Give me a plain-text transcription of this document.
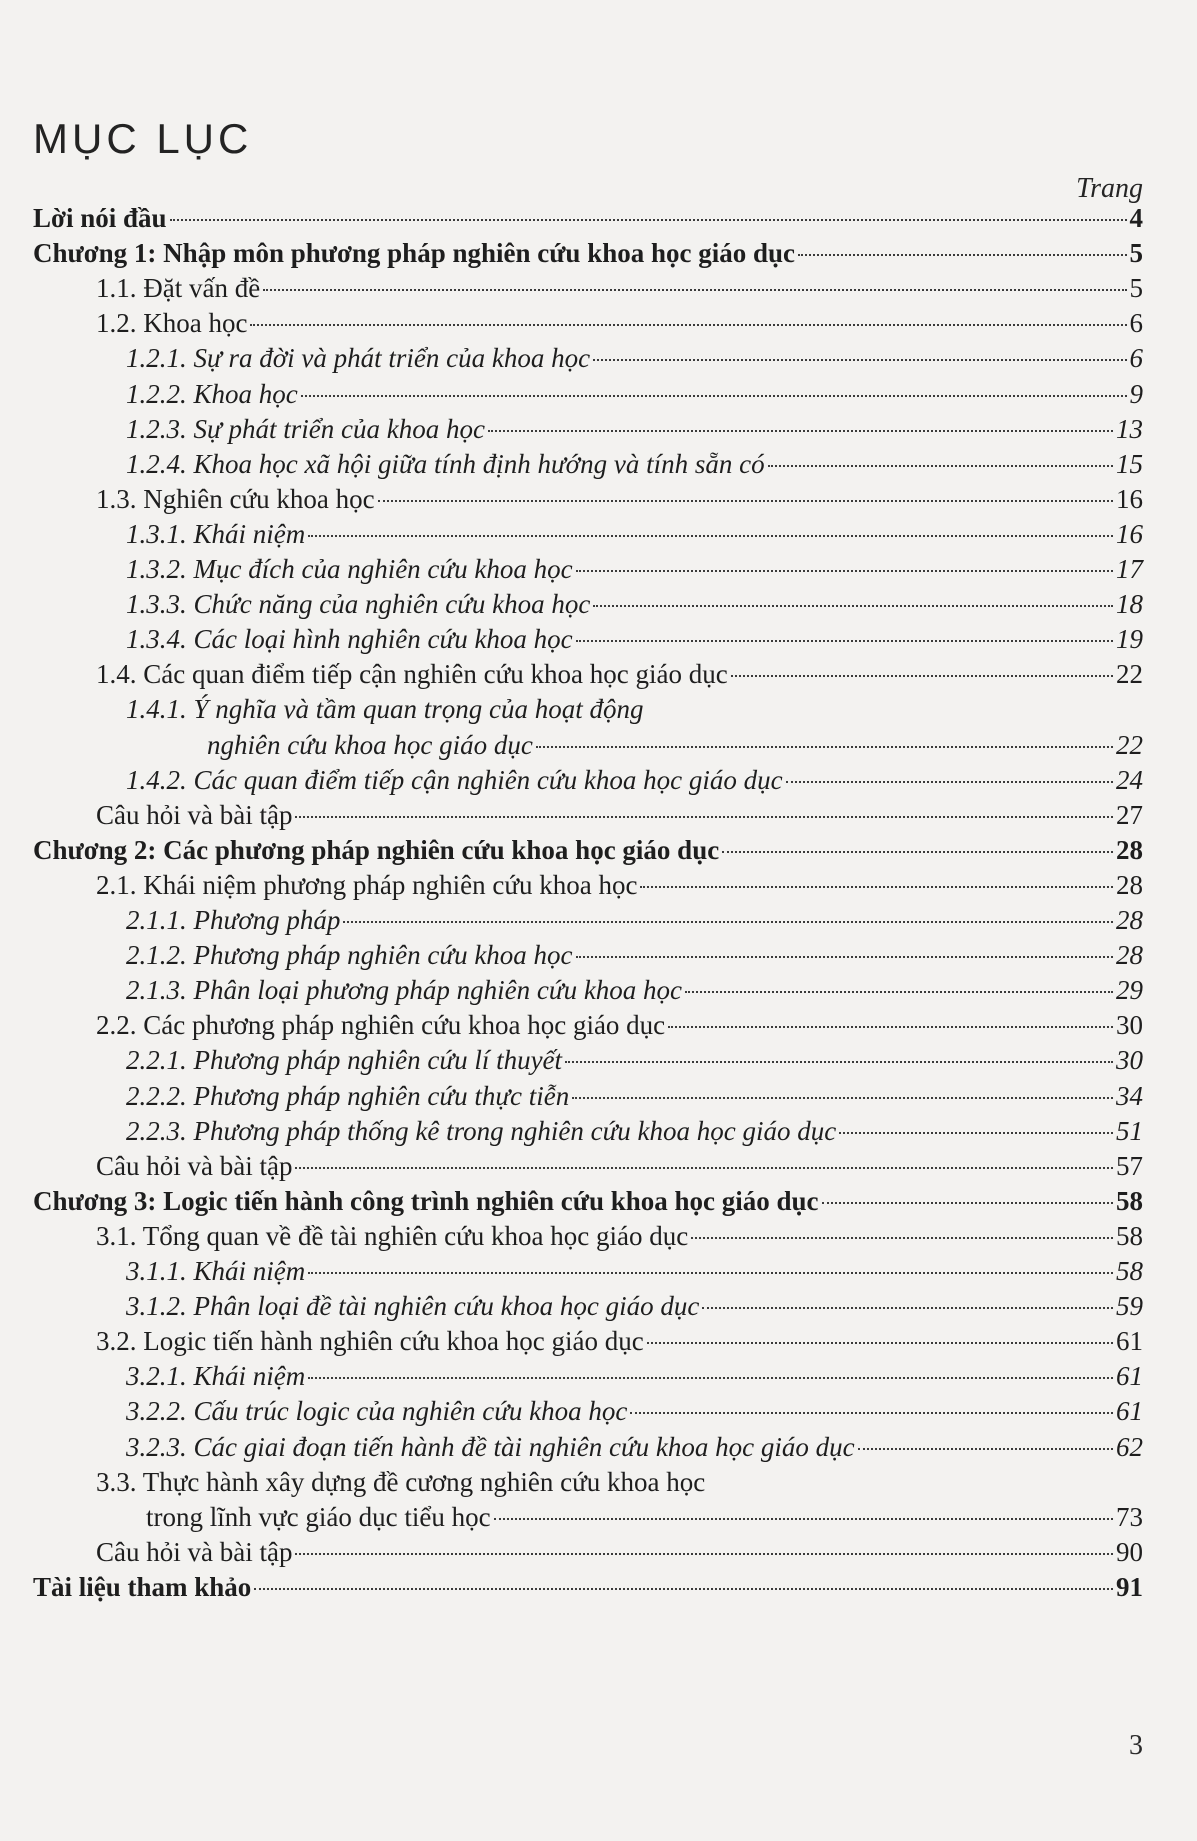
MỤC LỤC
Trang
Lời nói đầu	4
Chương 1: Nhập môn phương pháp nghiên cứu khoa học giáo dục	5
1.1. Đặt vấn đề	5
1.2. Khoa học	6
1.2.1. Sự ra đời và phát triển của khoa học	6
1.2.2. Khoa học	9
1.2.3. Sự phát triển của khoa học	13
1.2.4. Khoa học xã hội giữa tính định hướng và tính sẵn có	15
1.3. Nghiên cứu khoa học	16
1.3.1. Khái niệm	16
1.3.2. Mục đích của nghiên cứu khoa học	17
1.3.3. Chức năng của nghiên cứu khoa học	18
1.3.4. Các loại hình nghiên cứu khoa học	19
1.4. Các quan điểm tiếp cận nghiên cứu khoa học giáo dục	22
1.4.1. Ý nghĩa và tầm quan trọng của hoạt động
nghiên cứu khoa học giáo dục	22
1.4.2. Các quan điểm tiếp cận nghiên cứu khoa học giáo dục	24
Câu hỏi và bài tập	27
Chương 2: Các phương pháp nghiên cứu khoa học giáo dục	28
2.1. Khái niệm phương pháp nghiên cứu khoa học	28
2.1.1. Phương pháp	28
2.1.2. Phương pháp nghiên cứu khoa học	28
2.1.3. Phân loại phương pháp nghiên cứu khoa học	29
2.2. Các phương pháp nghiên cứu khoa học giáo dục	30
2.2.1. Phương pháp nghiên cứu lí thuyết	30
2.2.2. Phương pháp nghiên cứu thực tiễn	34
2.2.3. Phương pháp thống kê trong nghiên cứu khoa học giáo dục	51
Câu hỏi và bài tập	57
Chương 3: Logic tiến hành công trình nghiên cứu khoa học giáo dục	58
3.1. Tổng quan về đề tài nghiên cứu khoa học giáo dục	58
3.1.1. Khái niệm	58
3.1.2. Phân loại đề tài nghiên cứu khoa học giáo dục	59
3.2. Logic tiến hành nghiên cứu khoa học giáo dục	61
3.2.1. Khái niệm	61
3.2.2. Cấu trúc logic của nghiên cứu khoa học	61
3.2.3. Các giai đoạn tiến hành đề tài nghiên cứu khoa học giáo dục	62
3.3. Thực hành xây dựng đề cương nghiên cứu khoa học
trong lĩnh vực giáo dục tiểu học	73
Câu hỏi và bài tập	90
Tài liệu tham khảo	91
3
